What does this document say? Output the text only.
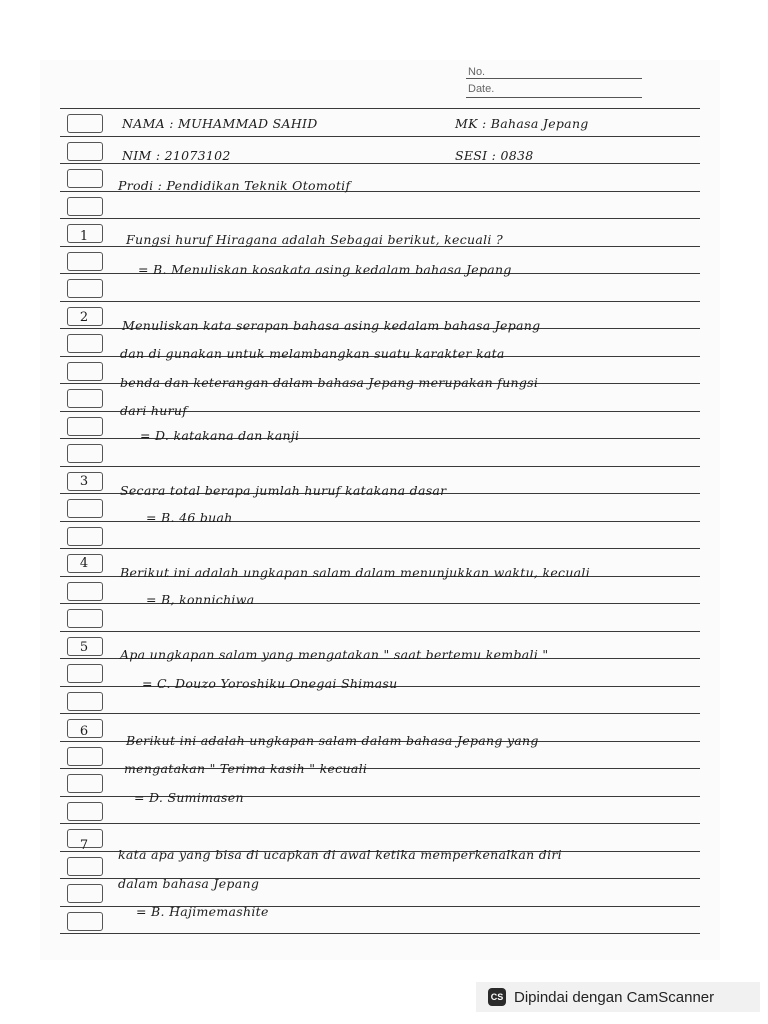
No.
Date.
NAMA : MUHAMMAD SAHID	MK : Bahasa Jepang
NIM : 21073102	SESI : 0838
Prodi : Pendidikan Teknik Otomotif
Fungsi huruf Hiragana adalah Sebagai berikut, kecuali ?
= B. Menuliskan kosakata asing kedalam bahasa Jepang
Menuliskan kata serapan bahasa asing kedalam bahasa Jepang
dan di gunakan untuk melambangkan suatu karakter kata
benda dan keterangan dalam bahasa Jepang merupakan fungsi
dari huruf
= D. katakana dan kanji
Secara total berapa jumlah huruf katakana dasar
= B. 46 buah
Berikut ini adalah ungkapan salam dalam menunjukkan waktu, kecuali
= B, konnichiwa
Apa ungkapan salam yang mengatakan " saat bertemu kembali "
= C. Douzo Yoroshiku Onegai Shimasu
Berikut ini adalah ungkapan salam dalam bahasa Jepang yang
mengatakan " Terima kasih " kecuali
= D. Sumimasen
kata apa yang bisa di ucapkan di awal ketika memperkenalkan diri
dalam bahasa Jepang
= B. Hajimemashite
1
2
3
4
5
6
7
CS Dipindai dengan CamScanner
